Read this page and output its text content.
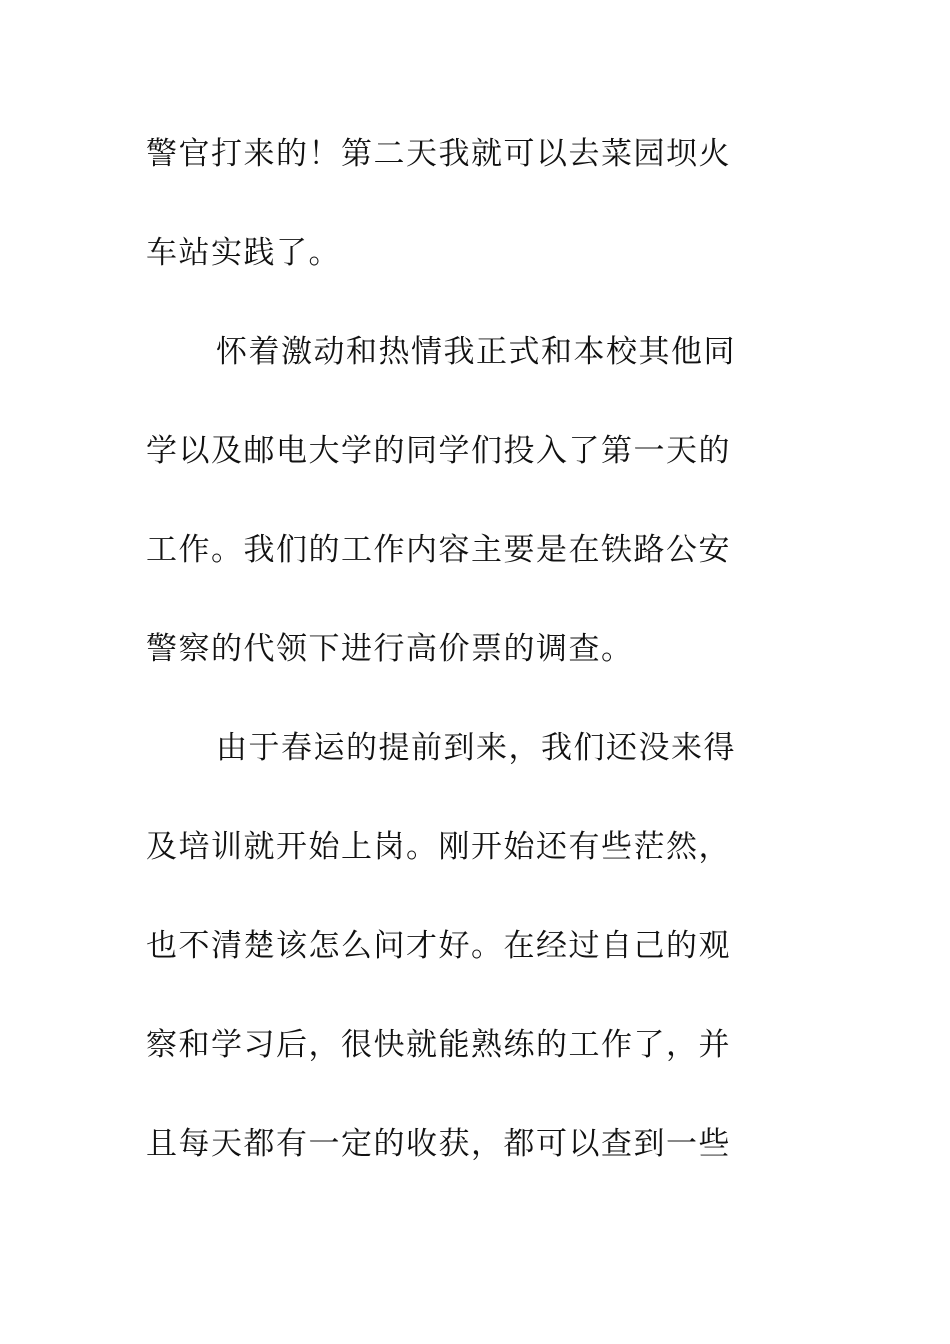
警官打来的！第二天我就可以去菜园坝火
车站实践了。
怀着激动和热情我正式和本校其他同
学以及邮电大学的同学们投入了第一天的
工作。我们的工作内容主要是在铁路公安
警察的代领下进行高价票的调查。
由于春运的提前到来，我们还没来得
及培训就开始上岗。刚开始还有些茫然，
也不清楚该怎么问才好。在经过自己的观
察和学习后，很快就能熟练的工作了，并
且每天都有一定的收获，都可以查到一些
